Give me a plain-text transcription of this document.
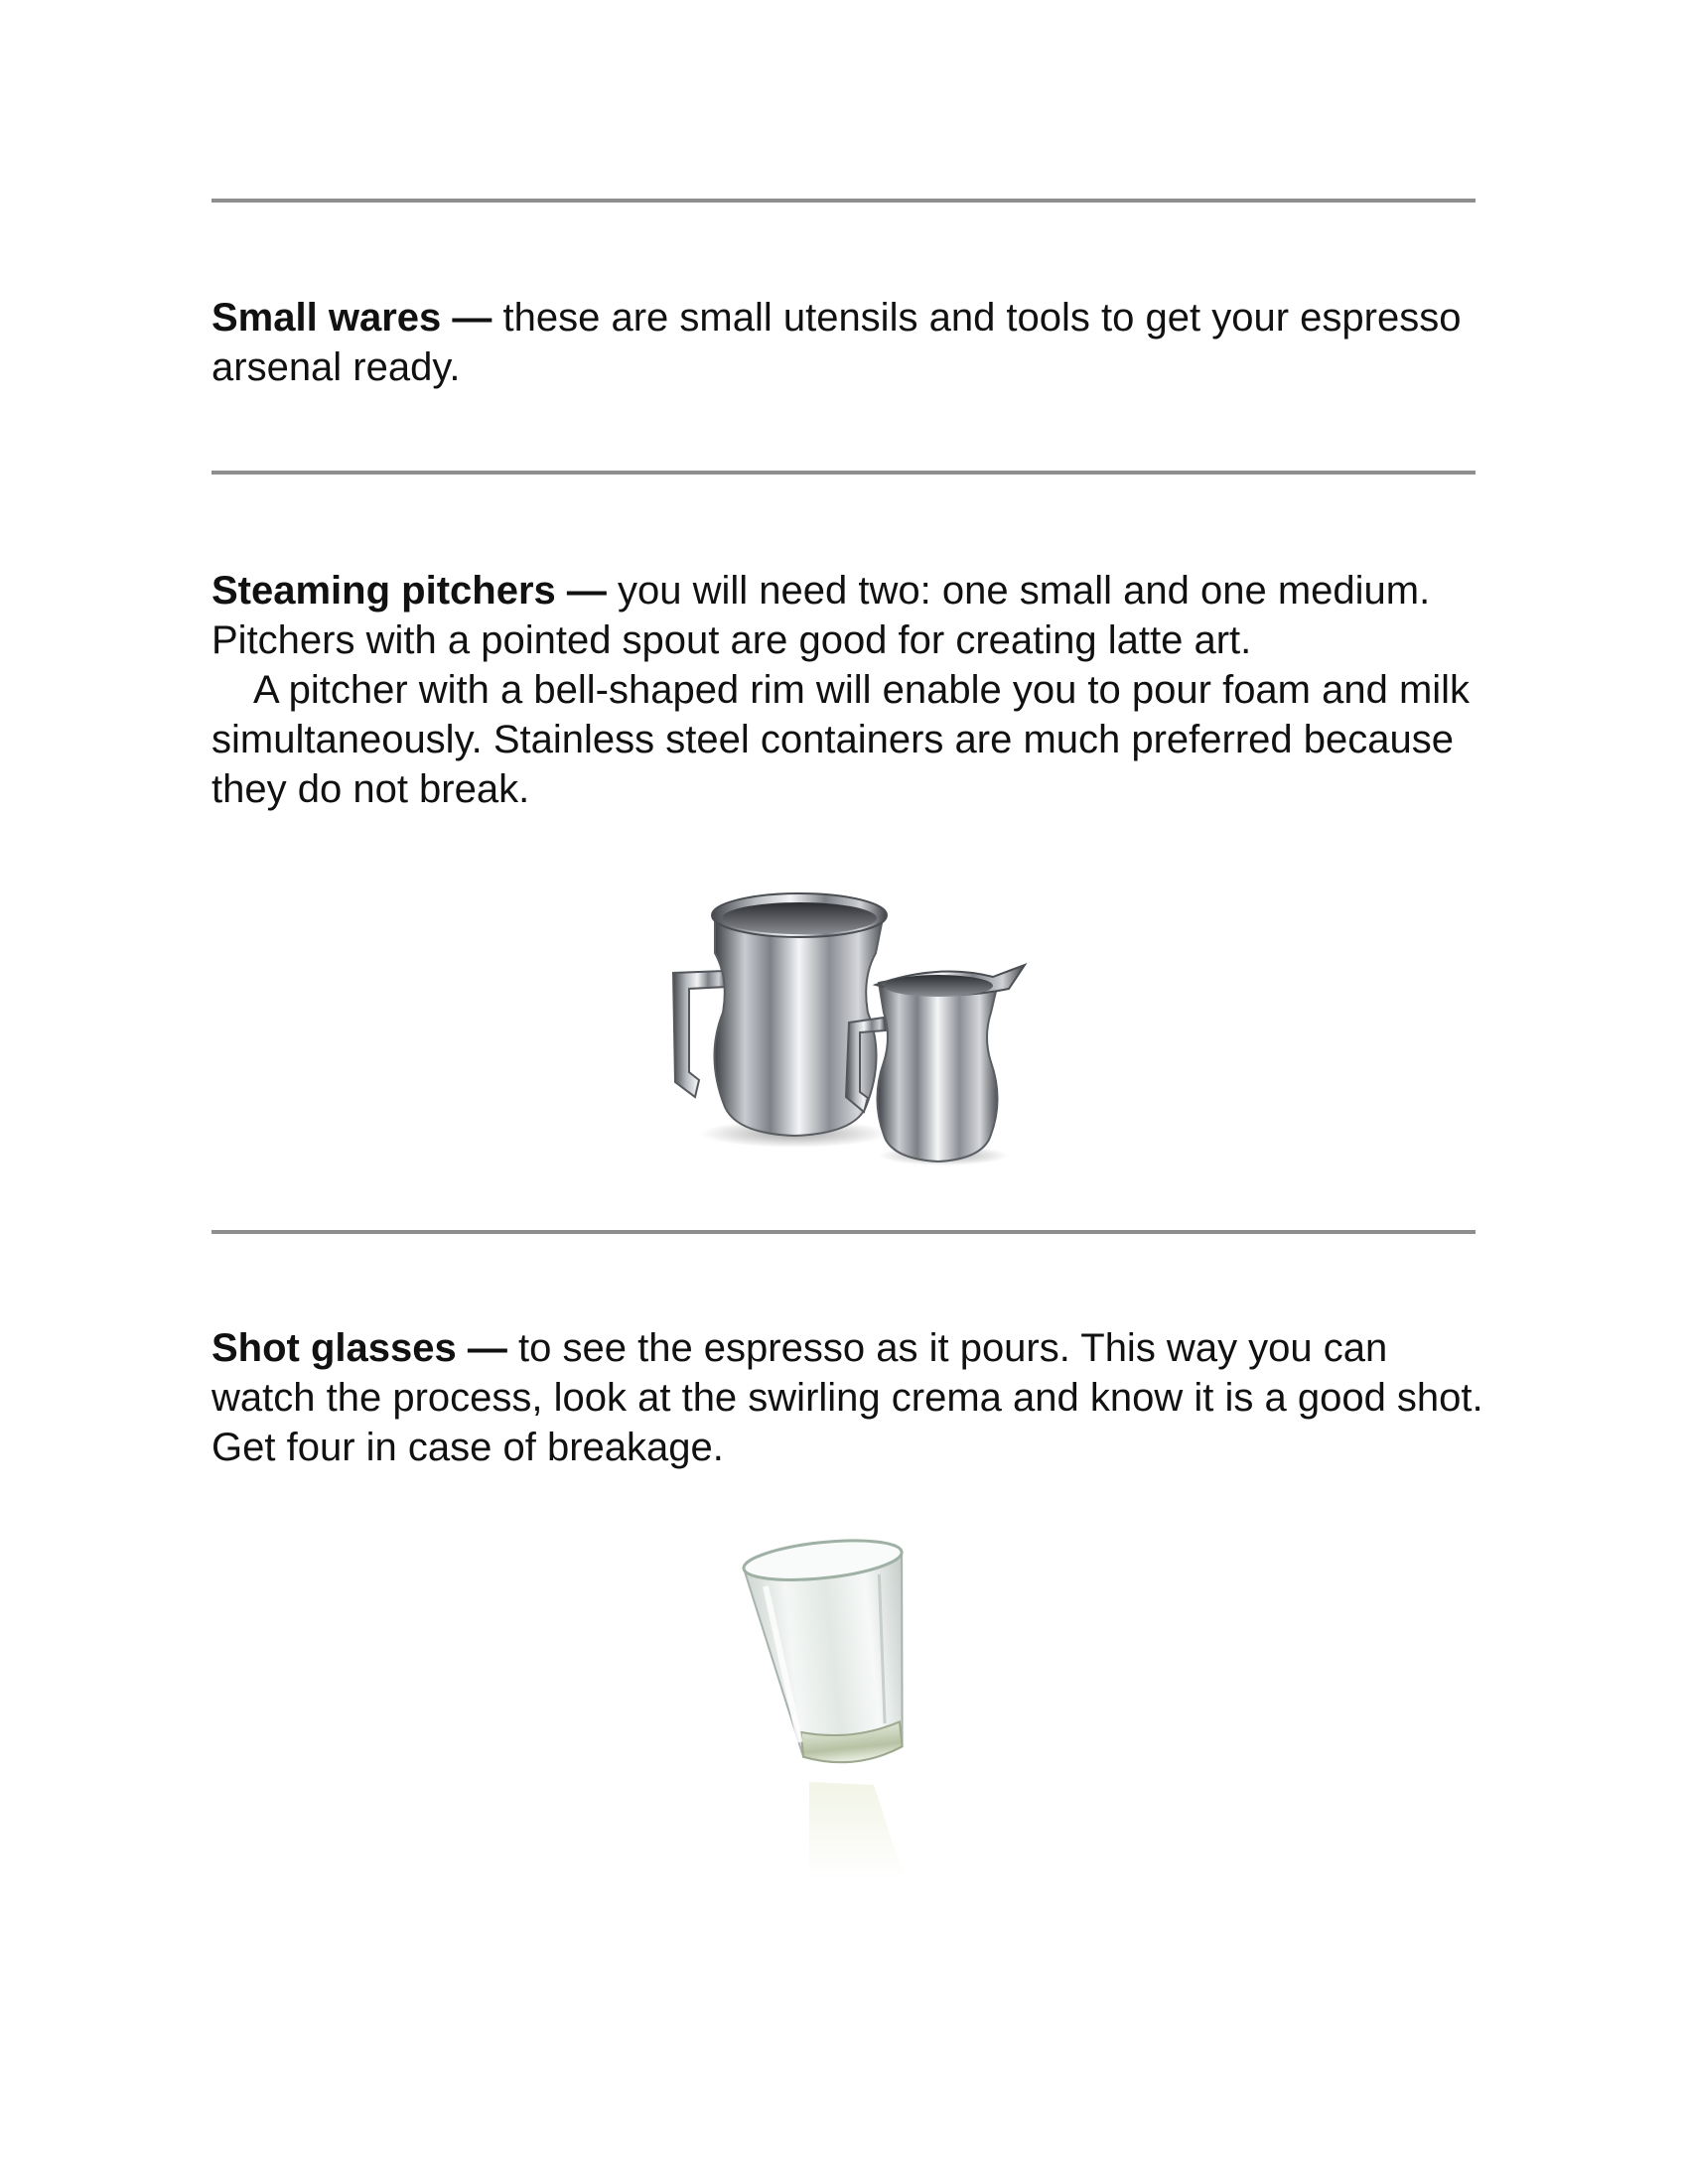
Small wares — these are small utensils and tools to get your espresso arsenal ready.

Steaming pitchers — you will need two: one small and one medium. Pitchers with a pointed spout are good for creating latte art.
A pitcher with a bell-shaped rim will enable you to pour foam and milk simultaneously. Stainless steel containers are much preferred because they do not break.

Shot glasses — to see the espresso as it pours. This way you can watch the process, look at the swirling crema and know it is a good shot. Get four in case of breakage.
